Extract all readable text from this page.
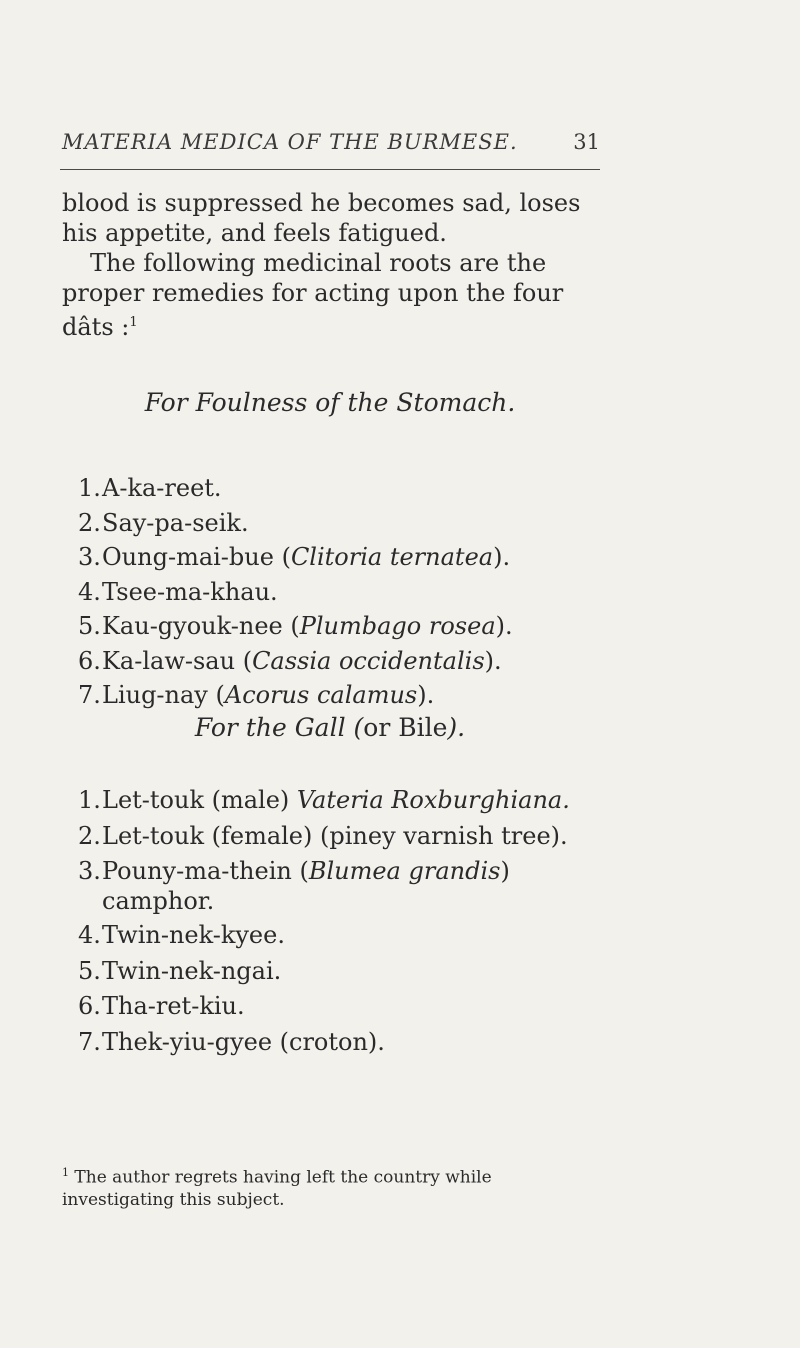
MATERIA MEDICA OF THE BURMESE.	31
blood is suppressed he becomes sad, loses his appetite, and feels fatigued.
The following medicinal roots are the proper remedies for acting upon the four dâts :$^1$
For Foulness of the Stomach.
1. A-ka-reet.
2. Say-pa-seik.
3. Oung-mai-bue (Clitoria ternatea).
4. Tsee-ma-khau.
5. Kau-gyouk-nee (Plumbago rosea).
6. Ka-law-sau (Cassia occidentalis).
7. Liug-nay (Acorus calamus).
For the Gall (or Bile).
1. Let-touk (male) Vateria Roxburghiana.
2. Let-touk (female) (piney varnish tree).
3. Pouny-ma-thein (Blumea grandis) camphor.
4. Twin-nek-kyee.
5. Twin-nek-ngai.
6. Tha-ret-kiu.
7. Thek-yiu-gyee (croton).
$^1$ The author regrets having left the country while investigating this subject.
